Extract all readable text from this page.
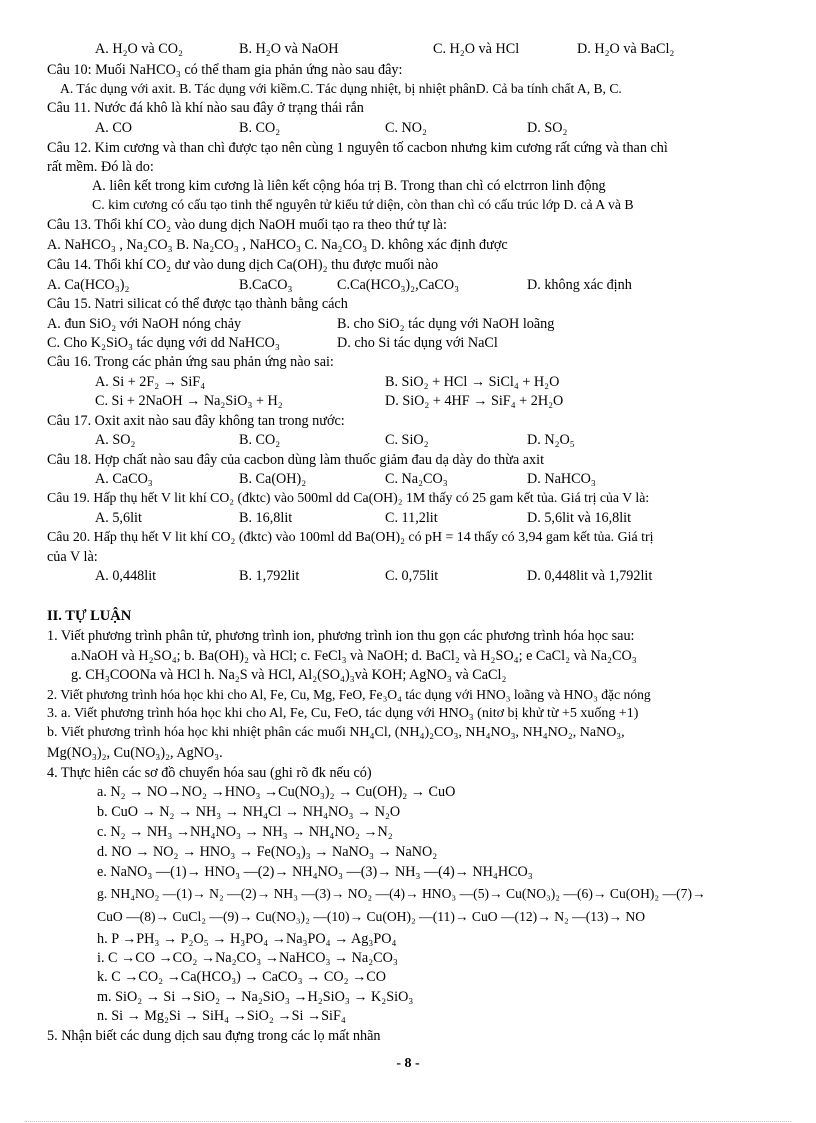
A. H₂O và CO₂	B. H₂O và NaOH	C. H₂O và HCl	D. H₂O và BaCl₂
Câu 10: Muối NaHCO₃ có thể tham gia phản ứng nào sau đây:
A. Tác dụng với axit. B. Tác dụng với kiềm.C. Tác dụng nhiệt, bị nhiệt phânD. Cả ba tính chất A, B, C.
Câu 11. Nước đá khô là khí nào sau đây ở trạng thái rắn
A. CO	B. CO₂	C. NO₂	D. SO₂
Câu 12. Kim cương và than chì được tạo nên cùng 1 nguyên tố cacbon nhưng kim cương rất cứng và than chì
rất mềm. Đó là do:
A. liên kết trong kim cương là liên kết cộng hóa trị B. Trong than chì có elctrron linh động
C. kim cương có cấu tạo tinh thể nguyên tử kiểu tứ diện, còn than chì có cấu trúc lớp D. cả A và B
Câu 13. Thổi khí CO₂ vào dung dịch NaOH muối tạo ra theo thứ tự là:
A. NaHCO₃ , Na₂CO₃ B. Na₂CO₃ , NaHCO₃ C. Na₂CO₃ D. không xác định được
Câu 14. Thổi khí CO₂ dư vào dung dịch Ca(OH)₂ thu được muối nào
A. Ca(HCO₃)₂	B.CaCO₃	C.Ca(HCO₃)₂,CaCO₃	D. không xác định
Câu 15. Natri silicat có thể được tạo thành bằng cách
A. đun SiO₂ với NaOH nóng chảy	B. cho SiO₂ tác dụng với NaOH loãng
C. Cho K₂SiO₃ tác dụng với dd NaHCO₃	D. cho Si tác dụng với NaCl
Câu 16. Trong các phản ứng sau phản ứng nào sai:
A. Si + 2F₂ → SiF₄	B. SiO₂ + HCl → SiCl₄ + H₂O
C. Si + 2NaOH → Na₂SiO₃ + H₂	D. SiO₂ + 4HF → SiF₄ + 2H₂O
Câu 17. Oxit axit nào sau đây không tan trong nước:
A. SO₂	B. CO₂	C. SiO₂	D. N₂O₅
Câu 18. Hợp chất nào sau đây của cacbon dùng làm thuốc giảm đau dạ dày do thừa axit
A. CaCO₃	B. Ca(OH)₂	C. Na₂CO₃	D. NaHCO₃
Câu 19. Hấp thụ hết V lit khí CO₂ (đktc) vào 500ml dd Ca(OH)₂ 1M thấy có 25 gam kết tủa. Giá trị của V là:
A. 5,6lit	B. 16,8lit	C. 11,2lit	D. 5,6lit và 16,8lit
Câu 20. Hấp thụ hết V lit khí CO₂ (đktc) vào 100ml dd Ba(OH)₂ có pH = 14 thấy có 3,94 gam kết tủa. Giá trị
của V là:
A. 0,448lit	B. 1,792lit	C. 0,75lit	D. 0,448lit và 1,792lit
II. TỰ LUẬN
1. Viết phương trình phân tử, phương trình ion, phương trình ion thu gọn các phương trình hóa học sau:
a.NaOH và H₂SO₄; b. Ba(OH)₂ và HCl; c. FeCl₃ và NaOH; d. BaCl₂ và H₂SO₄; e CaCl₂ và Na₂CO₃
g. CH₃COONa và HCl h. Na₂S và HCl, Al₂(SO₄)₃và KOH; AgNO₃ và CaCl₂
2. Viết phương trình hóa học khi cho Al, Fe, Cu, Mg, FeO, Fe₃O₄ tác dụng với HNO₃ loãng và HNO₃ đặc nóng
3. a. Viết phương trình hóa học khi cho Al, Fe, Cu, FeO, tác dụng với HNO₃ (nitơ bị khử từ +5 xuống +1)
b. Viết phương trình hóa học khi nhiệt phân các muối NH₄Cl, (NH₄)₂CO₃, NH₄NO₃, NH₄NO₂, NaNO₃,
Mg(NO₃)₂, Cu(NO₃)₂, AgNO₃.
4. Thực hiên các sơ đồ chuyển hóa sau (ghi rõ đk nếu có)
a. N₂ → NO→NO₂ →HNO₃ →Cu(NO₃)₂ → Cu(OH)₂ → CuO
b. CuO → N₂ → NH₃ → NH₄Cl → NH₄NO₃ → N₂O
c. N₂ → NH₃ →NH₄NO₃ → NH₃ → NH₄NO₂ →N₂
d. NO → NO₂ → HNO₃ → Fe(NO₃)₃ → NaNO₃ → NaNO₂
e. NaNO₃ —(1)→ HNO₃ —(2)→ NH₄NO₃ —(3)→ NH₃ —(4)→ NH₄HCO₃
g. NH₄NO₂ —(1)→ N₂ —(2)→ NH₃ —(3)→ NO₂ —(4)→ HNO₃ —(5)→ Cu(NO₃)₂ —(6)→ Cu(OH)₂ —(7)→
CuO —(8)→ CuCl₂ —(9)→ Cu(NO₃)₂ —(10)→ Cu(OH)₂ —(11)→ CuO —(12)→ N₂ —(13)→ NO
h. P →PH₃ → P₂O₅ → H₃PO₄ →Na₃PO₄ → Ag₃PO₄
i. C →CO →CO₂ →Na₂CO₃ →NaHCO₃ → Na₂CO₃
k. C →CO₂ →Ca(HCO₃) → CaCO₃ → CO₂ →CO
m. SiO₂ → Si →SiO₂ → Na₂SiO₃ →H₂SiO₃ → K₂SiO₃
n. Si → Mg₂Si → SiH₄ →SiO₂ →Si →SiF₄
5. Nhận biết các dung dịch sau đựng trong các lọ mất nhãn
- 8 -
